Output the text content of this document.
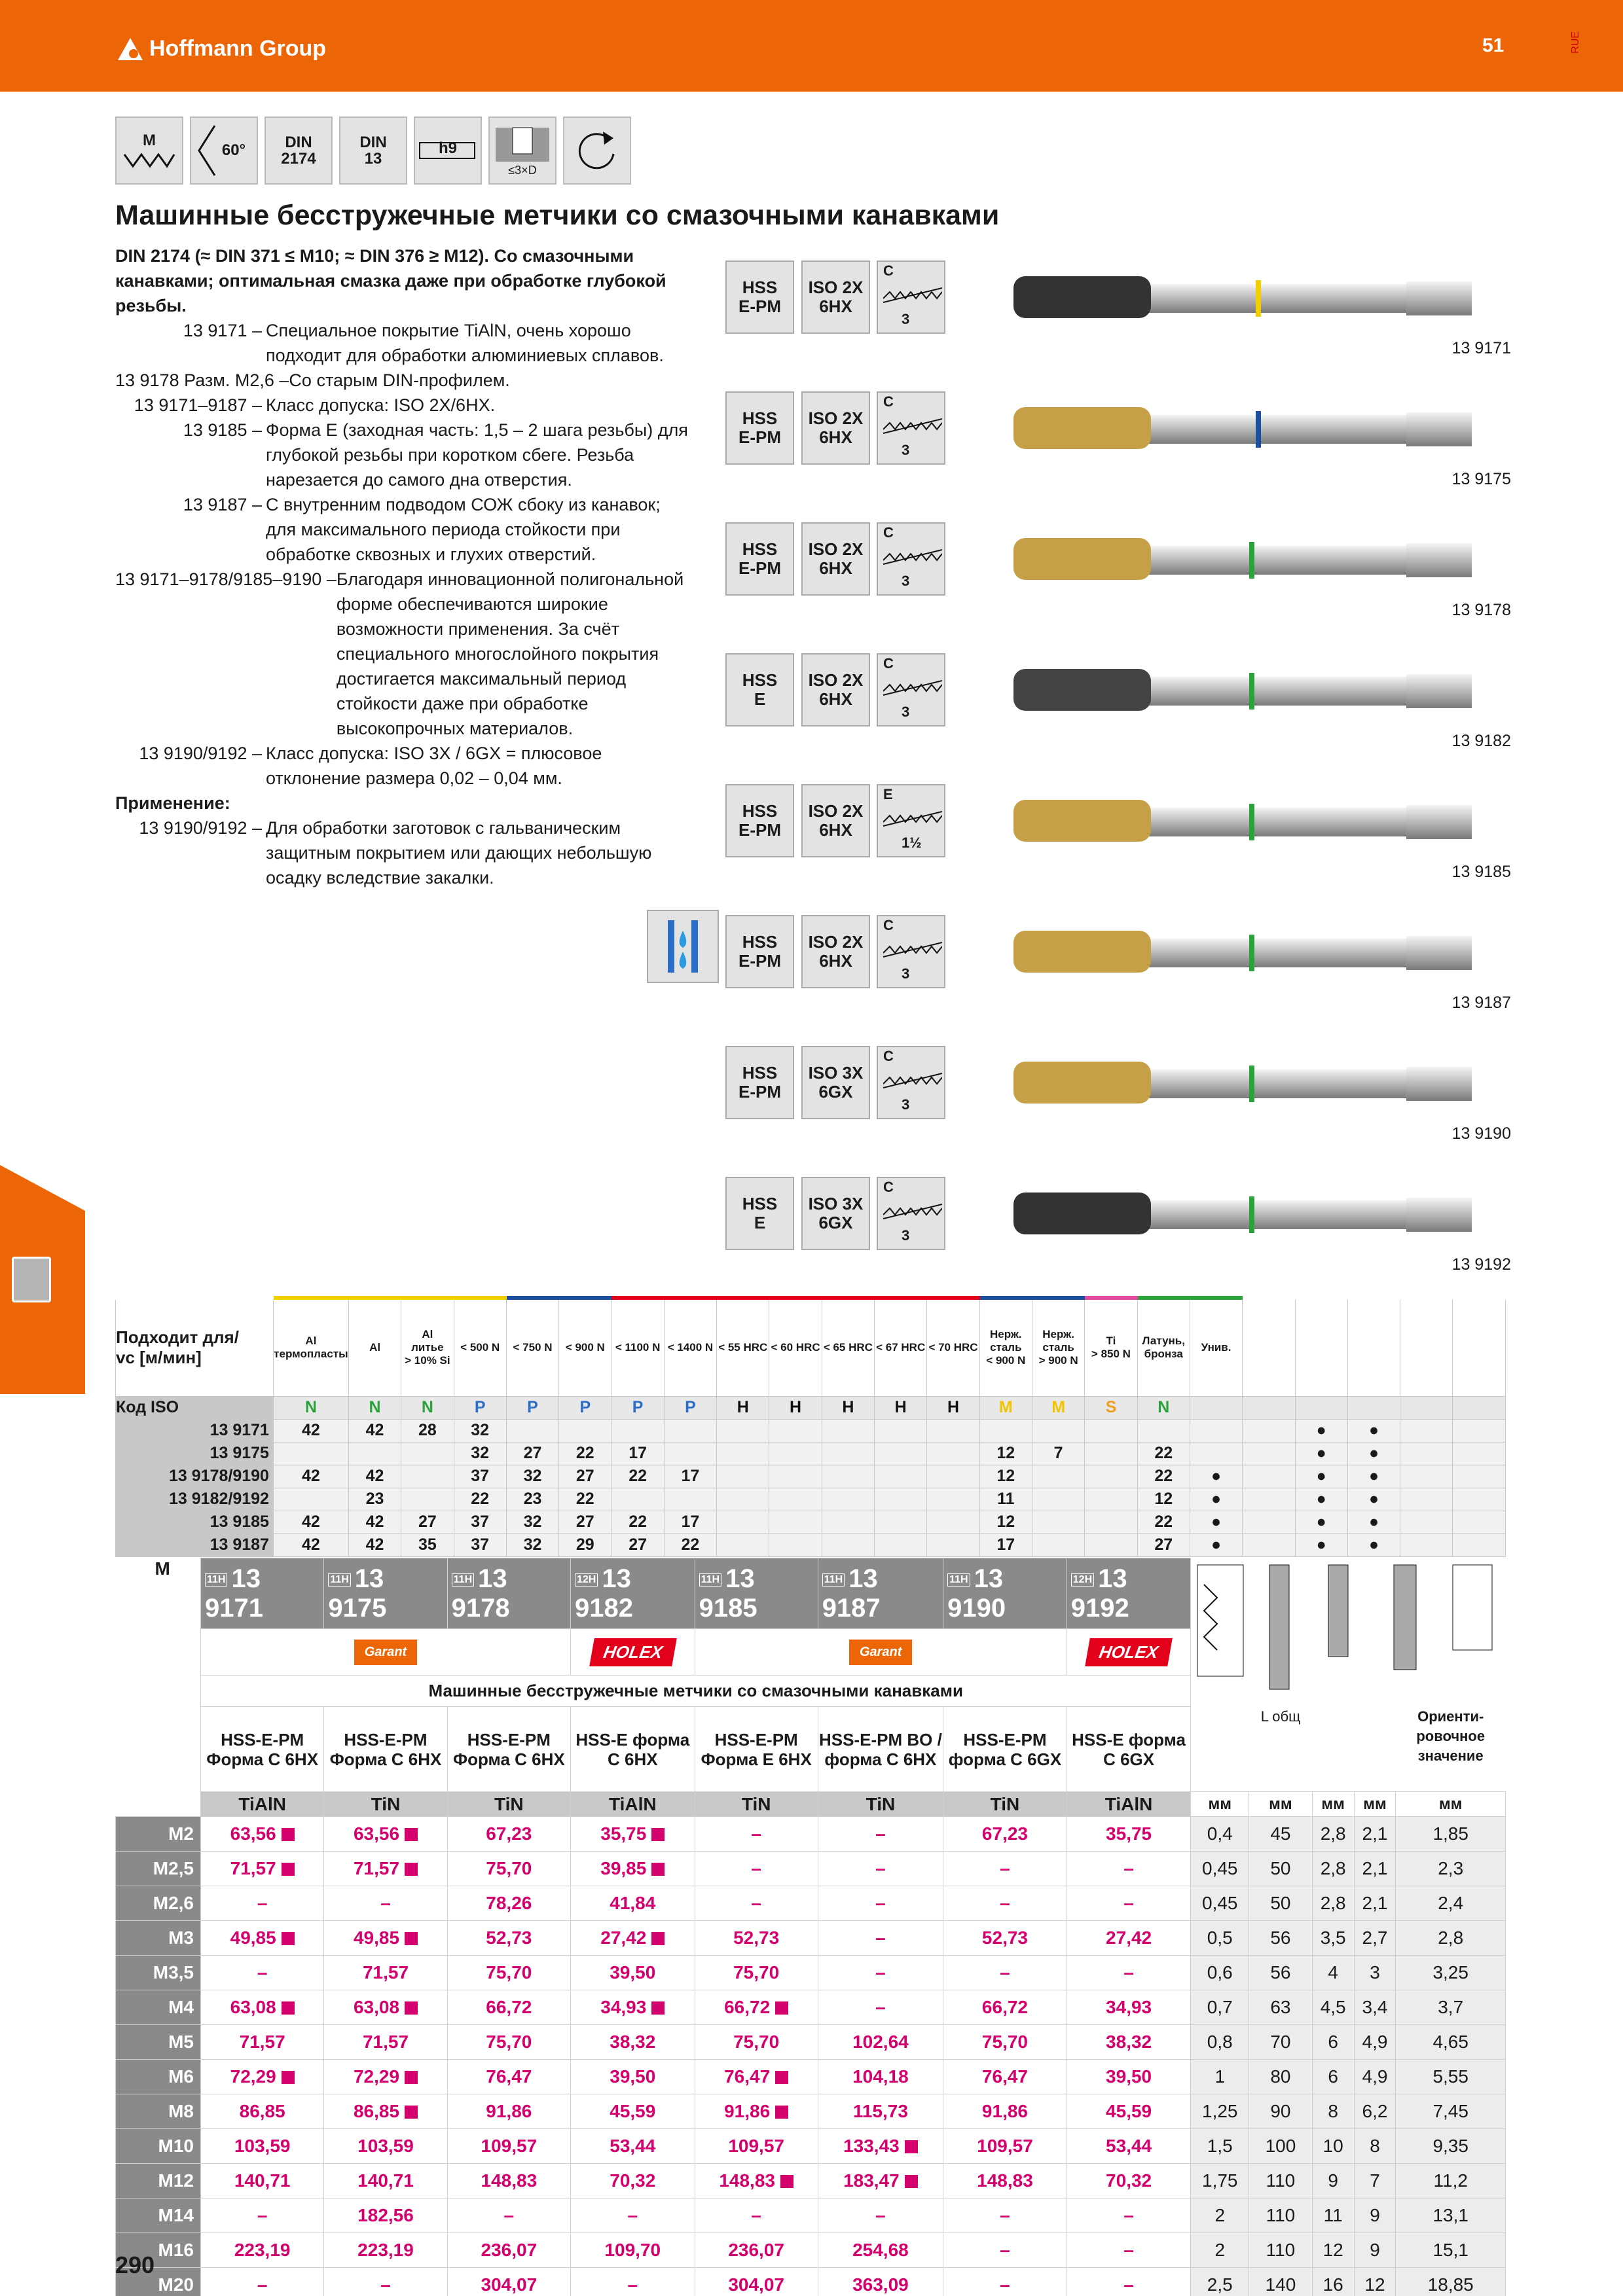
Hoffmann Group	51	RUE
M
60°	DIN
2174
DIN
13
h9
≤3×D
Машинные бесстружечные метчики со смазочными канавками
DIN 2174 (≈ DIN 371 ≤ M10; ≈ DIN 376 ≥ M12). Со смазочными канавками; оптимальная смазка даже при обработке глубокой резьбы.
13 9171 – Специальное покрытие TiAlN, очень хорошо подходит для обработки алюминиевых сплавов.
13 9178 Разм. M2,6 – Со старым DIN-профилем.
13 9171–9187 – Класс допуска: ISO 2X/6HX.
13 9185 – Форма E (заходная часть: 1,5 – 2 шага резьбы) для глубокой резьбы при коротком сбеге. Резьба нарезается до самого дна отверстия.
13 9187 – С внутренним подводом СОЖ сбоку из канавок; для максимального периода стойкости при обработке сквозных и глухих отверстий.
13 9171–9178/9185–9190 – Благодаря инновационной полигональной форме обеспечиваются широкие возможности применения. За счёт специального многослойного покрытия достигается максимальный период стойкости даже при обработке высокопрочных материалов.
13 9190/9192 – Класс допуска: ISO 3X / 6GX = плюсовое отклонение размера 0,02 – 0,04 мм.
Применение:
13 9190/9192 – Для обработки заготовок с гальваническим защитным покрытием или дающих небольшую осадку вследствие закалки.
HSS
E-PM
ISO 2X
6HX
C
3
13 9171
HSS
E-PM
ISO 2X
6HX
C
3
13 9175
HSS
E-PM
ISO 2X
6HX
C
3
13 9178
HSS
E
ISO 2X
6HX
C
3
13 9182
HSS
E-PM
ISO 2X
6HX
E
1½
13 9185
HSS
E-PM
ISO 2X
6HX
C
3
13 9187
HSS
E-PM
ISO 3X
6GX
C
3
13 9190
HSS
E
ISO 3X
6GX
C
3
13 9192
Подходит для/
vc [м/мин]	Al
термопласты	Al	Al
литье
> 10% Si	< 500 N	< 750 N	< 900 N	< 1100 N	< 1400 N	< 55 HRC	< 60 HRC	< 65 HRC	< 67 HRC	< 70 HRC	Нерж.
сталь
< 900 N	Нерж.
сталь
> 900 N	Ti
> 850 N	Латунь,
бронза	Унив.					
Код ISO	N	N	N	P	P	P	P	P	H	H	H	H	H	M	M	S	N						
13 9171	42	42	28	32																●	●		
13 9175				32	27	22	17							12	7		22			●	●		
13 9178/9190	42	42		37	32	27	22	17						12			22	●		●	●		
13 9182/9192		23		22	23	22								11			12	●		●	●		
13 9185	42	42	27	37	32	27	22	17						12			22	●		●	●		
13 9187	42	42	35	37	32	29	27	22						17			27	●		●	●		
M	11H 13 9171	11H 13 9175	11H 13 9178	12H 13 9182	11H 13 9185	11H 13 9187	11H 13 9190	12H 13 9192	
	Garant			HOLEX	Garant			HOLEX					
	Машинные бесстружечные метчики со смазочными канавками												
	HSS-E-PM
Форма C 6HX	HSS-E-PM
Форма C 6HX	HSS-E-PM
Форма C 6HX	HSS-E форма
C 6HX	HSS-E-PM
Форма E 6HX	HSS-E-PM BO /
форма C 6HX	HSS-E-PM
форма C 6GX	HSS-E форма
C 6GX		L общ			Ориенти-
ровочное
значение
	TiAlN	TiN	TiN	TiAlN	TiN	TiN	TiN	TiAlN	мм	мм	мм	мм	мм
M2	63,56	63,56	67,23	35,75	–	–	67,23	35,75	0,4	45	2,8	2,1	1,85
M2,5	71,57	71,57	75,70	39,85	–	–	–	–	0,45	50	2,8	2,1	2,3
M2,6	–	–	78,26	41,84	–	–	–	–	0,45	50	2,8	2,1	2,4
M3	49,85	49,85	52,73	27,42	52,73	–	52,73	27,42	0,5	56	3,5	2,7	2,8
M3,5	–	71,57	75,70	39,50	75,70	–	–	–	0,6	56	4	3	3,25
M4	63,08	63,08	66,72	34,93	66,72	–	66,72	34,93	0,7	63	4,5	3,4	3,7
M5	71,57	71,57	75,70	38,32	75,70	102,64	75,70	38,32	0,8	70	6	4,9	4,65
M6	72,29	72,29	76,47	39,50	76,47	104,18	76,47	39,50	1	80	6	4,9	5,55
M8	86,85	86,85	91,86	45,59	91,86	115,73	91,86	45,59	1,25	90	8	6,2	7,45
M10	103,59	103,59	109,57	53,44	109,57	133,43	109,57	53,44	1,5	100	10	8	9,35
M12	140,71	140,71	148,83	70,32	148,83	183,47	148,83	70,32	1,75	110	9	7	11,2
M14	–	182,56	–	–	–	–	–	–	2	110	11	9	13,1
M16	223,19	223,19	236,07	109,70	236,07	254,68	–	–	2	110	12	9	15,1
M20	–	–	304,07	–	304,07	363,09	–	–	2,5	140	16	12	18,85
290
